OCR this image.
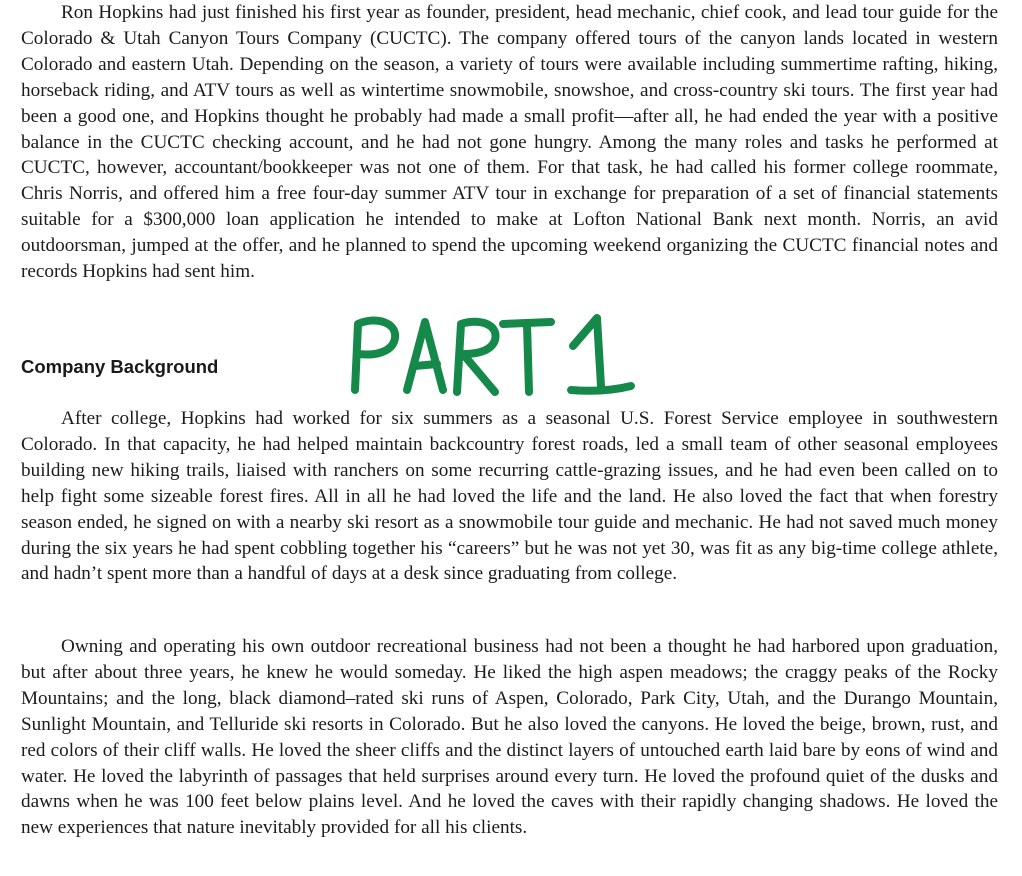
Ron Hopkins had just finished his first year as founder, president, head mechanic, chief cook, and lead tour guide for the Colorado & Utah Canyon Tours Company (CUCTC). The company offered tours of the canyon lands located in western Colorado and eastern Utah. Depending on the season, a variety of tours were available including summertime rafting, hiking, horseback riding, and ATV tours as well as wintertime snowmobile, snowshoe, and cross-country ski tours. The first year had been a good one, and Hopkins thought he probably had made a small profit—after all, he had ended the year with a positive balance in the CUCTC checking account, and he had not gone hungry. Among the many roles and tasks he performed at CUCTC, however, accountant/bookkeeper was not one of them. For that task, he had called his former college roommate, Chris Norris, and offered him a free four-day summer ATV tour in exchange for preparation of a set of financial statements suitable for a $300,000 loan application he intended to make at Lofton National Bank next month. Norris, an avid outdoorsman, jumped at the offer, and he planned to spend the upcoming weekend organizing the CUCTC financial notes and records Hopkins had sent him.

Company Background

After college, Hopkins had worked for six summers as a seasonal U.S. Forest Service employee in southwestern Colorado. In that capacity, he had helped maintain backcountry forest roads, led a small team of other seasonal employees building new hiking trails, liaised with ranchers on some recurring cattle-grazing issues, and he had even been called on to help fight some sizeable forest fires. All in all he had loved the life and the land. He also loved the fact that when forestry season ended, he signed on with a nearby ski resort as a snowmobile tour guide and mechanic. He had not saved much money during the six years he had spent cobbling together his “careers” but he was not yet 30, was fit as any big-time college athlete, and hadn’t spent more than a handful of days at a desk since graduating from college.

Owning and operating his own outdoor recreational business had not been a thought he had harbored upon graduation, but after about three years, he knew he would someday. He liked the high aspen meadows; the craggy peaks of the Rocky Mountains; and the long, black diamond–rated ski runs of Aspen, Colorado, Park City, Utah, and the Durango Mountain, Sunlight Mountain, and Telluride ski resorts in Colorado. But he also loved the canyons. He loved the beige, brown, rust, and red colors of their cliff walls. He loved the sheer cliffs and the distinct layers of untouched earth laid bare by eons of wind and water. He loved the labyrinth of passages that held surprises around every turn. He loved the profound quiet of the dusks and dawns when he was 100 feet below plains level. And he loved the caves with their rapidly changing shadows. He loved the new experiences that nature inevitably provided for all his clients.
